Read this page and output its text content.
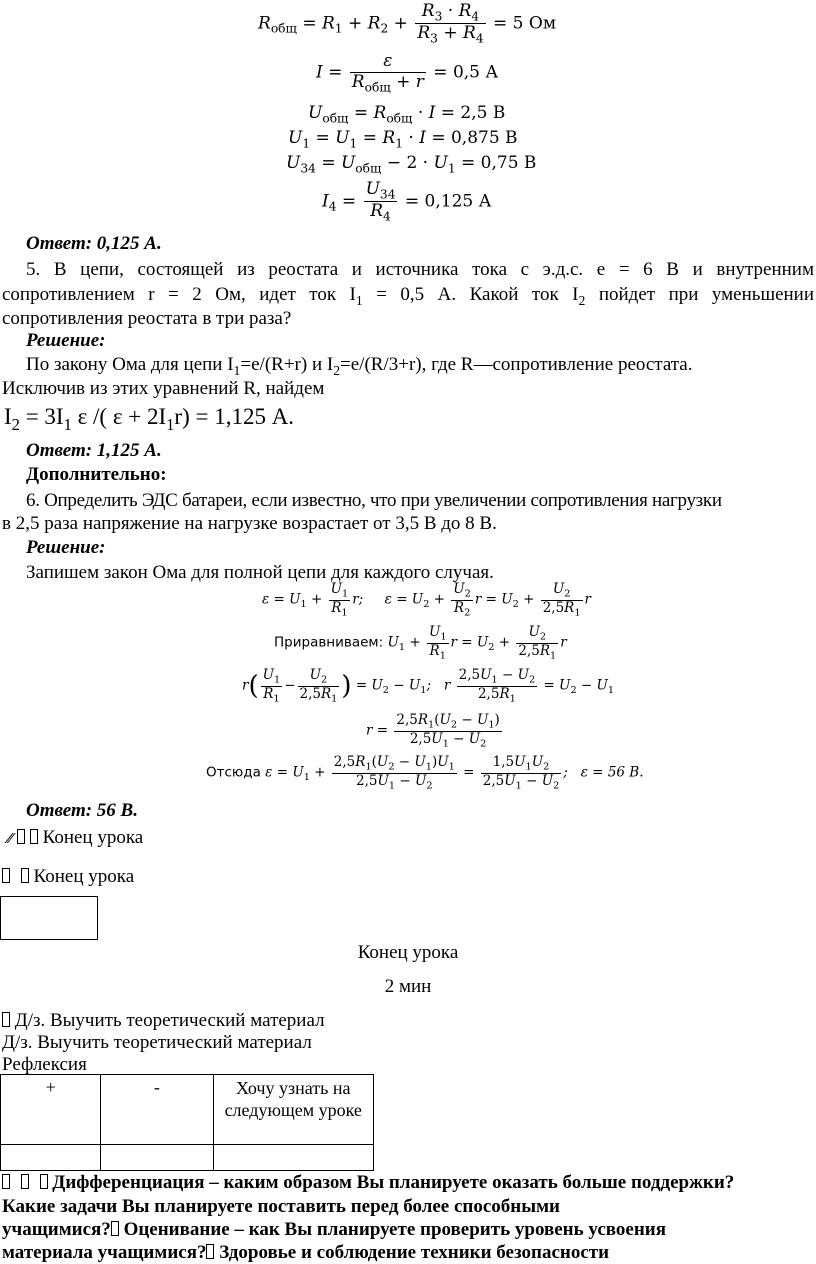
$R_{общ} = R_1 + R_2 + \frac{R_3 \cdot R_4}{R_3 + R_4} = 5$ Ом
$I = \frac{\varepsilon}{R_{общ} + r} = 0,5$ А
$U_{общ} = R_{общ} \cdot I = 2,5$ В
$U_1 = U_1 = R_1 \cdot I = 0,875$ В
$U_{34} = U_{общ} - 2 \cdot U_1 = 0,75$ В
$I_4 = \frac{U_{34}}{R_4} = 0,125$ А
Ответ: 0,125 А.
5. В цепи, состоящей из реостата и источника тока с э.д.с. е = 6 В и внутренним
сопротивлением r = 2 Ом, идет ток $I_1 = 0,5$ А. Какой ток $I_2$ пойдет при уменьшении
сопротивления реостата в три раза?
Решение:
По закону Ома для цепи $I_1=e/(R+r)$ и $I_2=e/(R/3+r)$, где R—сопротивление реостата.
Исключив из этих уравнений R, найдем
$I_2 = 3I_1$ ε /( $\varepsilon + 2I_1r) = 1,125$ А.
Ответ: 1,125 А.
Дополнительно:
6. Определить ЭДС батареи, если известно, что при увеличении сопротивления нагрузки
в 2,5 раза напряжение на нагрузке возрастает от 3,5 В до 8 В.
Решение:
Запишем закон Ома для полной цепи для каждого случая.
$\varepsilon = U_1 + \frac{U_1}{R_1} r$;     $\varepsilon = U_2 + \frac{U_2}{R_2}$ $r = U_2 + \frac{U_2}{2,5R_1}$ r
Приравниваем: $U_1 + \frac{U_1}{R_1}$ $r = U_2 + \frac{U_2}{2,5R_1}$ r
$r( \frac{U_1}{R_1} - \frac{U_2}{2,5R_1}$ ) = $U_2 - U_1$;   r $\frac{2,5U_1 - U_2}{2,5R_1} = U_2 - U_1$
$r = \frac{2,5R_1(U_2 - U_1)}{2,5U_1 - U_2}$
Отсюда $\varepsilon = U_1 + \frac{2,5R_1(U_2 - U_1)U_1}{2,5U_1 - U_2} = \frac{1,5U_1U_2}{2,5U_1 - U_2}$ ;   ε = 56 В.
Ответ: 56 В.
⁄⁄ Конец урока
Конец урока
Конец урока
2 мин
Д/з. Выучить теоретический материал
Д/з. Выучить теоретический материал
Рефлексия
+	-	Хочу узнать на следующем уроке

Дифференциация – каким образом Вы планируете оказать больше поддержки?
Какие задачи Вы планируете поставить перед более способными
учащимися? Оценивание – как Вы планируете проверить уровень усвоения
материала учащимися? Здоровье и соблюдение техники безопасности
